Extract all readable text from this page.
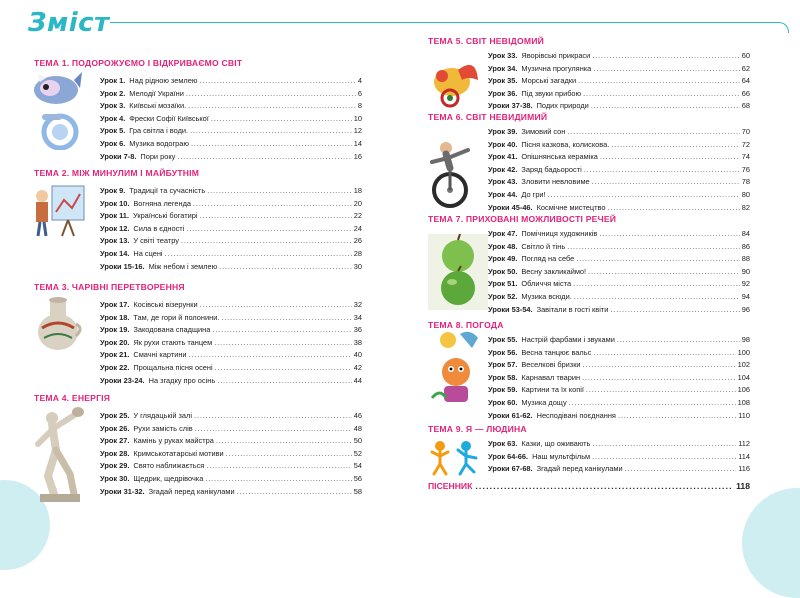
Зміст
ТЕМА 1. ПОДОРОЖУЄМО І ВІДКРИВАЄМО СВІТ
Урок 1. Над рідною землею . . .	4
Урок 2. Мелодії України . . .	6
Урок 3. Київські мозаїки. . . .	8
Урок 4. Фрески Софії Київської . . .	10
Урок 5. Гра світла і води. . . .	12
Урок 6. Музика водограю . . .	14
Уроки 7-8. Пори року . . .	16
ТЕМА 2. МІЖ МИНУЛИМ І МАЙБУТНІМ
Урок 9. Традиції та сучасність . . .	18
Урок 10. Вогняна легенда . . .	20
Урок 11. Українські богатирі . . .	22
Урок 12. Сила в єдності . . .	24
Урок 13. У світі театру . . .	26
Урок 14. На сцені . . .	28
Уроки 15-16. Між небом і землею . . .	30
ТЕМА 3. ЧАРІВНІ ПЕРЕТВОРЕННЯ
Урок 17. Косівські візерунки . . .	32
Урок 18. Там, де гори й полонини. . . .	34
Урок 19. Закодована спадщина . . .	36
Урок 20. Як рухи стають танцем . . .	38
Урок 21. Смачні картини . . .	40
Урок 22. Прощальна пісня осені . . .	42
Уроки 23-24. На згадку про осінь . . .	44
ТЕМА 4. ЕНЕРГІЯ
Урок 25. У глядацькій залі . . .	46
Урок 26. Рухи замість слів . . .	48
Урок 27. Камінь у руках майстра . . .	50
Урок 28. Кримськотатарські мотиви . . .	52
Урок 29. Свято наближається . . .	54
Урок 30. Щедрик, щедрівочка . . .	56
Уроки 31-32. Згадай перед канікулами . . .	58
ТЕМА 5. СВІТ НЕВІДОМИЙ
Урок 33. Яворівські прикраси . . .	60
Урок 34. Музична прогулянка . . .	62
Урок 35. Морські загадки . . .	64
Урок 36. Під звуки прибою . . .	66
Уроки 37-38. Подих природи . . .	68
ТЕМА 6. СВІТ НЕВИДИМИЙ
Урок 39. Зимовий сон . . .	70
Урок 40. Пісня казкова, колискова. . . .	72
Урок 41. Опішнянська кераміка . . .	74
Урок 42. Заряд бадьорості . . .	76
Урок 43. Зловити невловиме . . .	78
Урок 44. До гри! . . .	80
Уроки 45-46. Космічне мистецтво . . .	82
ТЕМА 7. ПРИХОВАНІ МОЖЛИВОСТІ РЕЧЕЙ
Урок 47. Помічниця художників . . .	84
Урок 48. Світло й тінь . . .	86
Урок 49. Погляд на себе . . .	88
Урок 50. Весну закликаймо! . . .	90
Урок 51. Обличчя міста . . .	92
Урок 52. Музика всюди. . . .	94
Уроки 53-54. Завітали в гості квіти . . .	96
ТЕМА 8. ПОГОДА
Урок 55. Настрій фарбами і звуками . . .	98
Урок 56. Весна танцює вальс . . .	100
Урок 57. Веселкові бризки . . .	102
Урок 58. Карнавал тварин . . .	104
Урок 59. Картини та їх копії . . .	106
Урок 60. Музика дощу . . .	108
Уроки 61-62. Несподівані поєднання . . .	110
ТЕМА 9. Я — ЛЮДИНА
Урок 63. Казки, що оживають . . .	112
Урок 64-66. Наш мультфільм . . .	114
Уроки 67-68. Згадай перед канікулами . . .	116
ПІСЕННИК . . .	118
